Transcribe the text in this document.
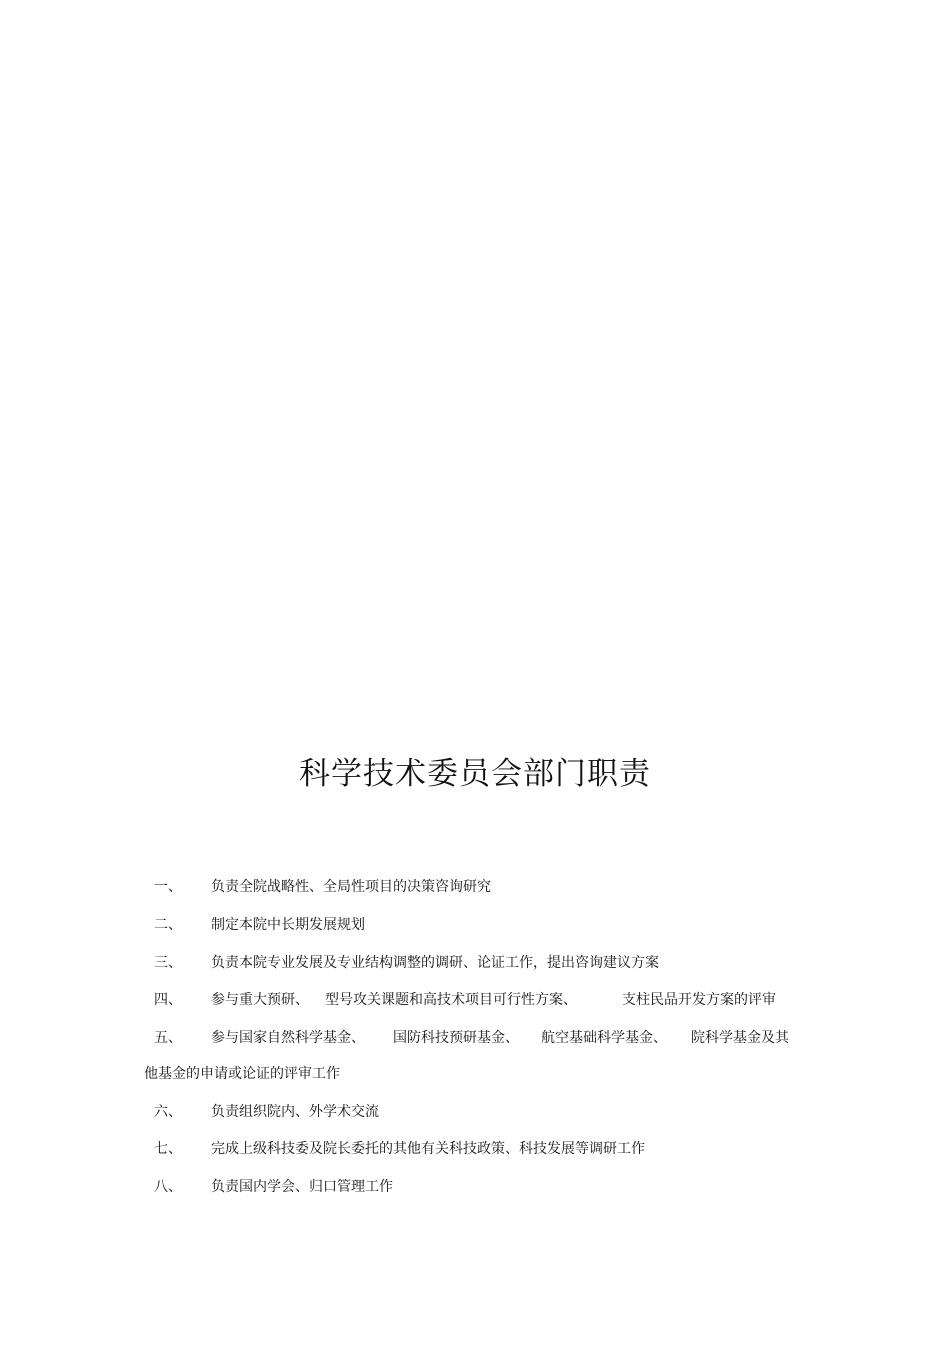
科学技术委员会部门职责
一、 负责全院战略性、全局性项目的决策咨询研究
二、 制定本院中长期发展规划
三、 负责本院专业发展及专业结构调整的调研、论证工作，提出咨询建议方案
四、 参与重大预研、 型号攻关课题和高技术项目可行性方案、	支柱民品开发方案的评审
五、 参与国家自然科学基金、 国防科技预研基金、 航空基础科学基金、 院科学基金及其
他基金的申请或论证的评审工作
六、 负责组织院内、外学术交流
七、 完成上级科技委及院长委托的其他有关科技政策、科技发展等调研工作
八、 负责国内学会、归口管理工作
